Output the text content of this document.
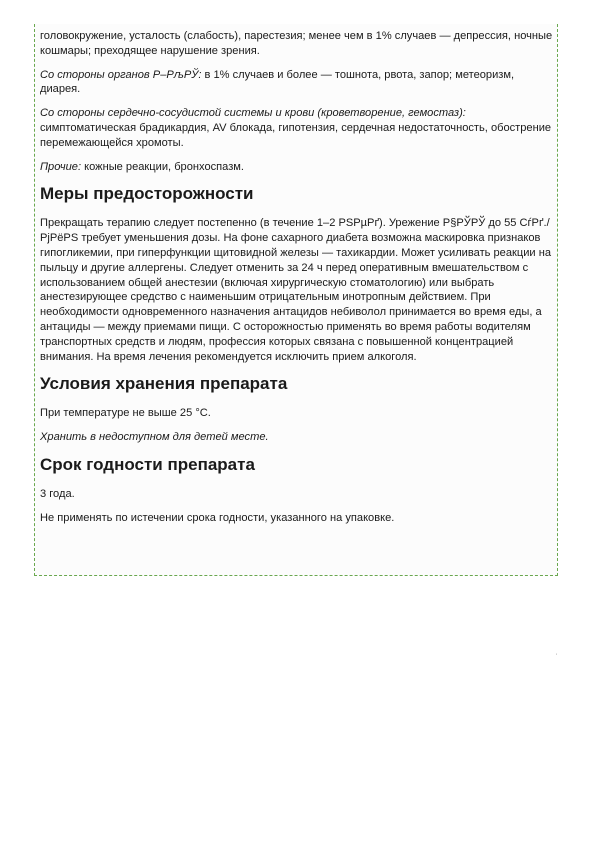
головокружение, усталость (слабость), парестезия; менее чем в 1% случаев — депрессия, ночные кошмары; преходящее нарушение зрения.

Со стороны органов Р–РљРЎ: в 1% случаев и более — тошнота, рвота, запор; метеоризм, диарея.

Со стороны сердечно-сосудистой системы и крови (кроветворение, гемостаз): симптоматическая брадикардия, AV блокада, гипотензия, сердечная недостаточность, обострение перемежающейся хромоты.

Прочие: кожные реакции, бронхоспазм.

Меры предосторожности

Прекращать терапию следует постепенно (в течение 1–2 РЅРµРґ). Урежение Р§РЎРЎ до 55 СѓРґ./РјРёРЅ требует уменьшения дозы. На фоне сахарного диабета возможна маскировка признаков гипогликемии, при гиперфункции щитовидной железы — тахикардии. Может усиливать реакции на пыльцу и другие аллергены. Следует отменить за 24 ч перед оперативным вмешательством с использованием общей анестезии (включая хирургическую стоматологию) или выбрать анестезирующее средство с наименьшим отрицательным инотропным действием. При необходимости одновременного назначения антацидов небиволол принимается во время еды, а антациды — между приемами пищи. С осторожностью применять во время работы водителям транспортных средств и людям, профессия которых связана с повышенной концентрацией внимания. На время лечения рекомендуется исключить прием алкоголя.

Условия хранения препарата

При температуре не выше 25 °C.

Хранить в недоступном для детей месте.

Срок годности препарата

3 года.

Не применять по истечении срока годности, указанного на упаковке.

'
